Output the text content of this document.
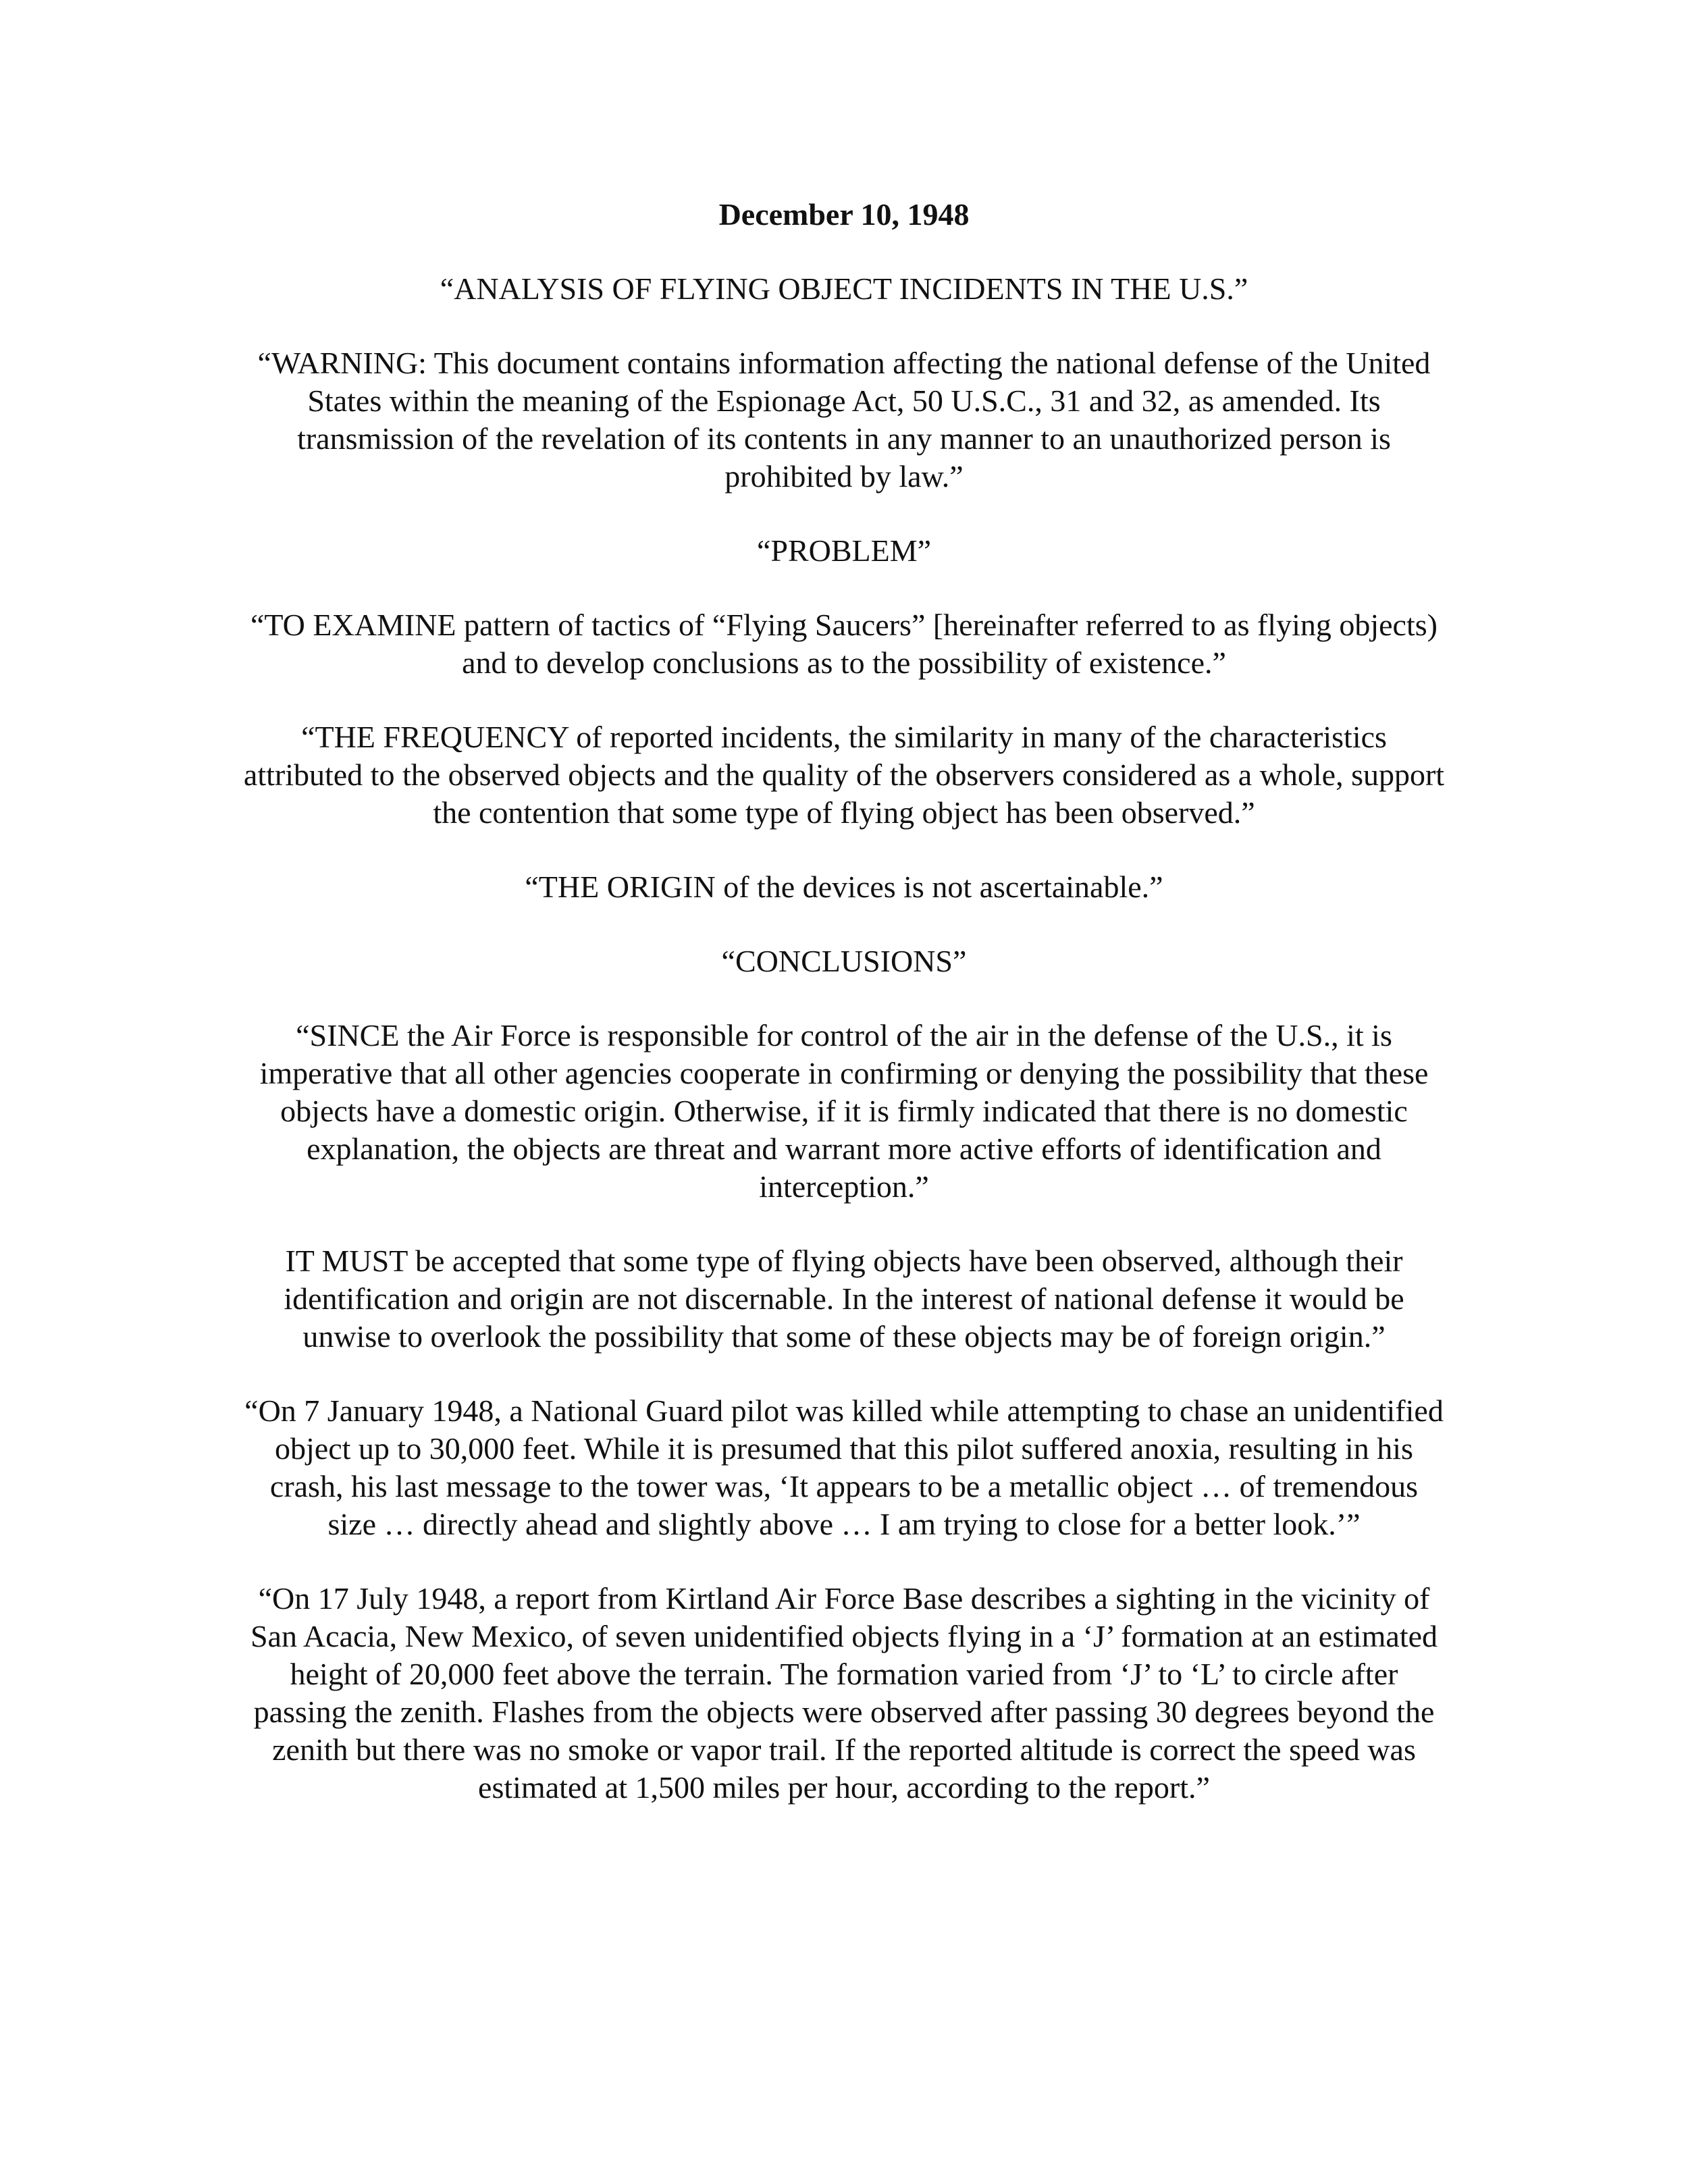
December 10, 1948

“ANALYSIS OF FLYING OBJECT INCIDENTS IN THE U.S.”

“WARNING: This document contains information affecting the national defense of the United States within the meaning of the Espionage Act, 50 U.S.C., 31 and 32, as amended. Its transmission of the revelation of its contents in any manner to an unauthorized person is prohibited by law.”

“PROBLEM”

“TO EXAMINE pattern of tactics of “Flying Saucers” [hereinafter referred to as flying objects) and to develop conclusions as to the possibility of existence.”

“THE FREQUENCY of reported incidents, the similarity in many of the characteristics attributed to the observed objects and the quality of the observers considered as a whole, support the contention that some type of flying object has been observed.”

“THE ORIGIN of the devices is not ascertainable.”

“CONCLUSIONS”

“SINCE the Air Force is responsible for control of the air in the defense of the U.S., it is imperative that all other agencies cooperate in confirming or denying the possibility that these objects have a domestic origin. Otherwise, if it is firmly indicated that there is no domestic explanation, the objects are threat and warrant more active efforts of identification and interception.”

IT MUST be accepted that some type of flying objects have been observed, although their identification and origin are not discernable. In the interest of national defense it would be unwise to overlook the possibility that some of these objects may be of foreign origin.”

“On 7 January 1948, a National Guard pilot was killed while attempting to chase an unidentified object up to 30,000 feet. While it is presumed that this pilot suffered anoxia, resulting in his crash, his last message to the tower was, ‘It appears to be a metallic object … of tremendous size … directly ahead and slightly above … I am trying to close for a better look.’”

“On 17 July 1948, a report from Kirtland Air Force Base describes a sighting in the vicinity of San Acacia, New Mexico, of seven unidentified objects flying in a ‘J’ formation at an estimated height of 20,000 feet above the terrain. The formation varied from ‘J’ to ‘L’ to circle after passing the zenith. Flashes from the objects were observed after passing 30 degrees beyond the zenith but there was no smoke or vapor trail. If the reported altitude is correct the speed was estimated at 1,500 miles per hour, according to the report.”
